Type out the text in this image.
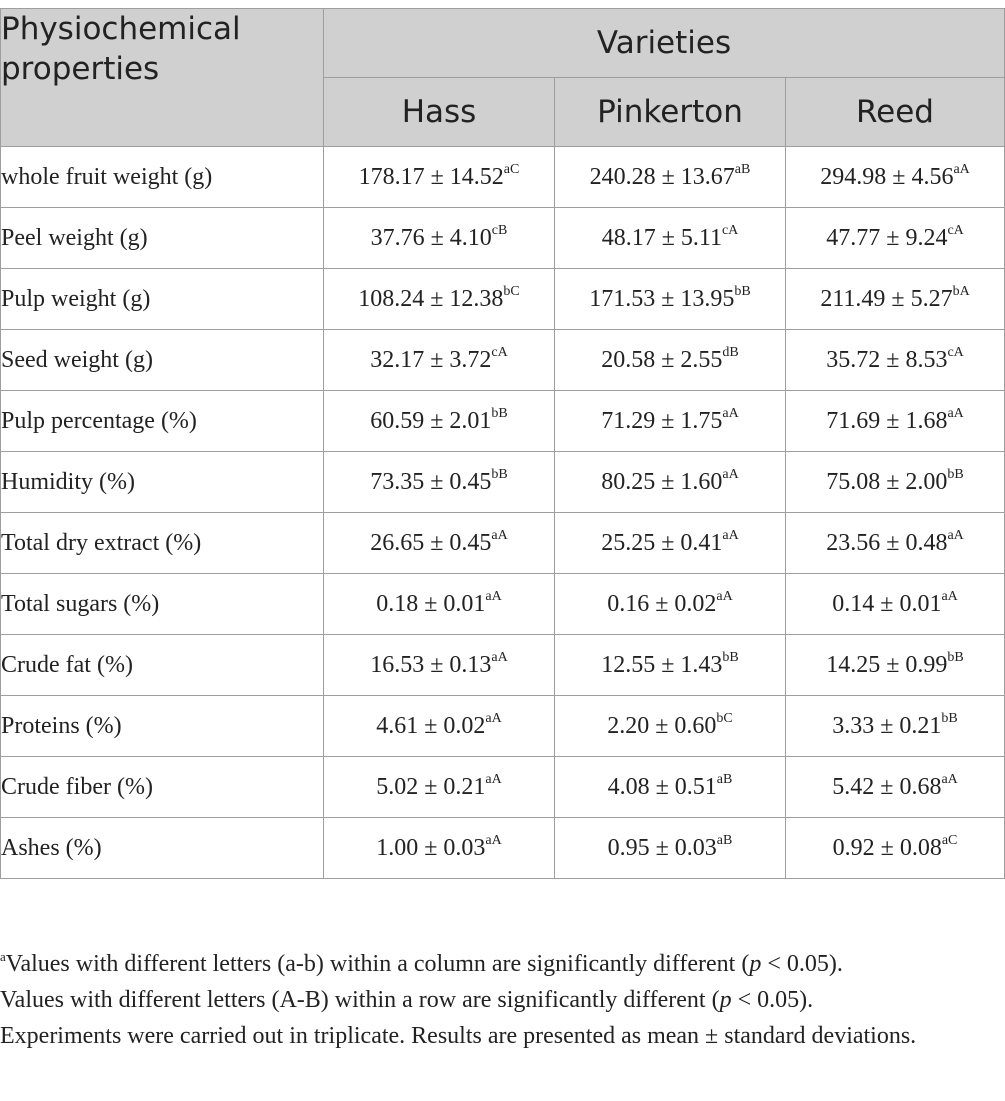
Physiochemical properties	Varieties		
	Hass	Pinkerton	Reed
whole fruit weight (g)	$178.17 \pm 14.52^{aC}$	$240.28 \pm 13.67^{aB}$	$294.98 \pm 4.56^{aA}$
Peel weight (g)	$37.76 \pm 4.10^{cB}$	$48.17 \pm 5.11^{cA}$	$47.77 \pm 9.24^{cA}$
Pulp weight (g)	$108.24 \pm 12.38^{bC}$	$171.53 \pm 13.95^{bB}$	$211.49 \pm 5.27^{bA}$
Seed weight (g)	$32.17 \pm 3.72^{cA}$	$20.58 \pm 2.55^{dB}$	$35.72 \pm 8.53^{cA}$
Pulp percentage (%)	$60.59 \pm 2.01^{bB}$	$71.29 \pm 1.75^{aA}$	$71.69 \pm 1.68^{aA}$
Humidity (%)	$73.35 \pm 0.45^{bB}$	$80.25 \pm 1.60^{aA}$	$75.08 \pm 2.00^{bB}$
Total dry extract (%)	$26.65 \pm 0.45^{aA}$	$25.25 \pm 0.41^{aA}$	$23.56 \pm 0.48^{aA}$
Total sugars (%)	$0.18 \pm 0.01^{aA}$	$0.16 \pm 0.02^{aA}$	$0.14 \pm 0.01^{aA}$
Crude fat (%)	$16.53 \pm 0.13^{aA}$	$12.55 \pm 1.43^{bB}$	$14.25 \pm 0.99^{bB}$
Proteins (%)	$4.61 \pm 0.02^{aA}$	$2.20 \pm 0.60^{bC}$	$3.33 \pm 0.21^{bB}$
Crude fiber (%)	$5.02 \pm 0.21^{aA}$	$4.08 \pm 0.51^{aB}$	$5.42 \pm 0.68^{aA}$
Ashes (%)	$1.00 \pm 0.03^{aA}$	$0.95 \pm 0.03^{aB}$	$0.92 \pm 0.08^{aC}$

$^a$Values with different letters (a-b) within a column are significantly different (p < 0.05).

Values with different letters (A-B) within a row are significantly different (p < 0.05).

Experiments were carried out in triplicate. Results are presented as mean ± standard deviations.
